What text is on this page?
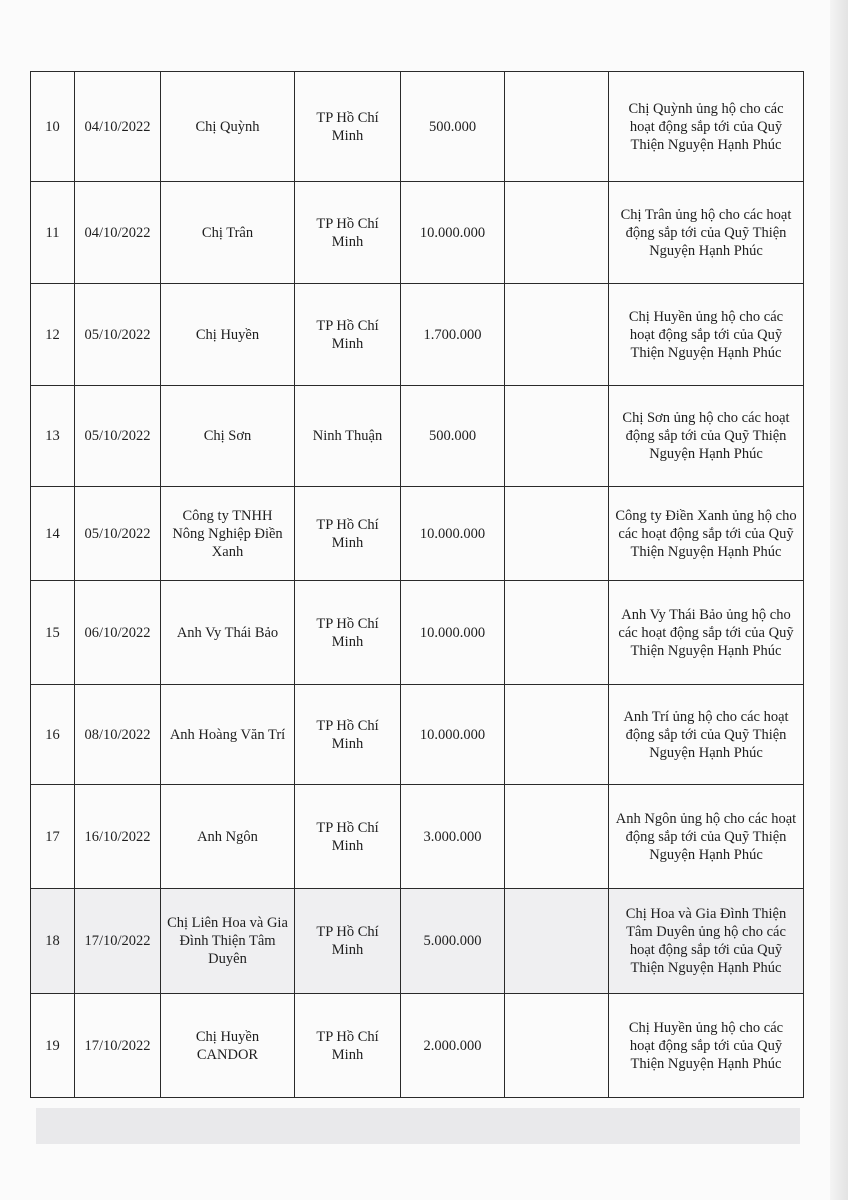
10	04/10/2022	Chị Quỳnh	TP Hồ Chí Minh	500.000		Chị Quỳnh ủng hộ cho các hoạt động sắp tới của Quỹ Thiện Nguyện Hạnh Phúc
11	04/10/2022	Chị Trân	TP Hồ Chí Minh	10.000.000		Chị Trân ủng hộ cho các hoạt động sắp tới của Quỹ Thiện Nguyện Hạnh Phúc
12	05/10/2022	Chị Huyền	TP Hồ Chí Minh	1.700.000		Chị Huyền ủng hộ cho các hoạt động sắp tới của Quỹ Thiện Nguyện Hạnh Phúc
13	05/10/2022	Chị Sơn	Ninh Thuận	500.000		Chị Sơn ủng hộ cho các hoạt động sắp tới của Quỹ Thiện Nguyện Hạnh Phúc
14	05/10/2022	Công ty TNHH Nông Nghiệp Điền Xanh	TP Hồ Chí Minh	10.000.000		Công ty Điền Xanh ủng hộ cho các hoạt động sắp tới của Quỹ Thiện Nguyện Hạnh Phúc
15	06/10/2022	Anh Vy Thái Bảo	TP Hồ Chí Minh	10.000.000		Anh Vy Thái Bảo ủng hộ cho các hoạt động sắp tới của Quỹ Thiện Nguyện Hạnh Phúc
16	08/10/2022	Anh Hoàng Văn Trí	TP Hồ Chí Minh	10.000.000		Anh Trí ủng hộ cho các hoạt động sắp tới của Quỹ Thiện Nguyện Hạnh Phúc
17	16/10/2022	Anh Ngôn	TP Hồ Chí Minh	3.000.000		Anh Ngôn ủng hộ cho các hoạt động sắp tới của Quỹ Thiện Nguyện Hạnh Phúc
18	17/10/2022	Chị Liên Hoa và Gia Đình Thiện Tâm Duyên	TP Hồ Chí Minh	5.000.000		Chị Hoa và Gia Đình Thiện Tâm Duyên ủng hộ cho các hoạt động sắp tới của Quỹ Thiện Nguyện Hạnh Phúc
19	17/10/2022	Chị Huyền CANDOR	TP Hồ Chí Minh	2.000.000		Chị Huyền ủng hộ cho các hoạt động sắp tới của Quỹ Thiện Nguyện Hạnh Phúc
